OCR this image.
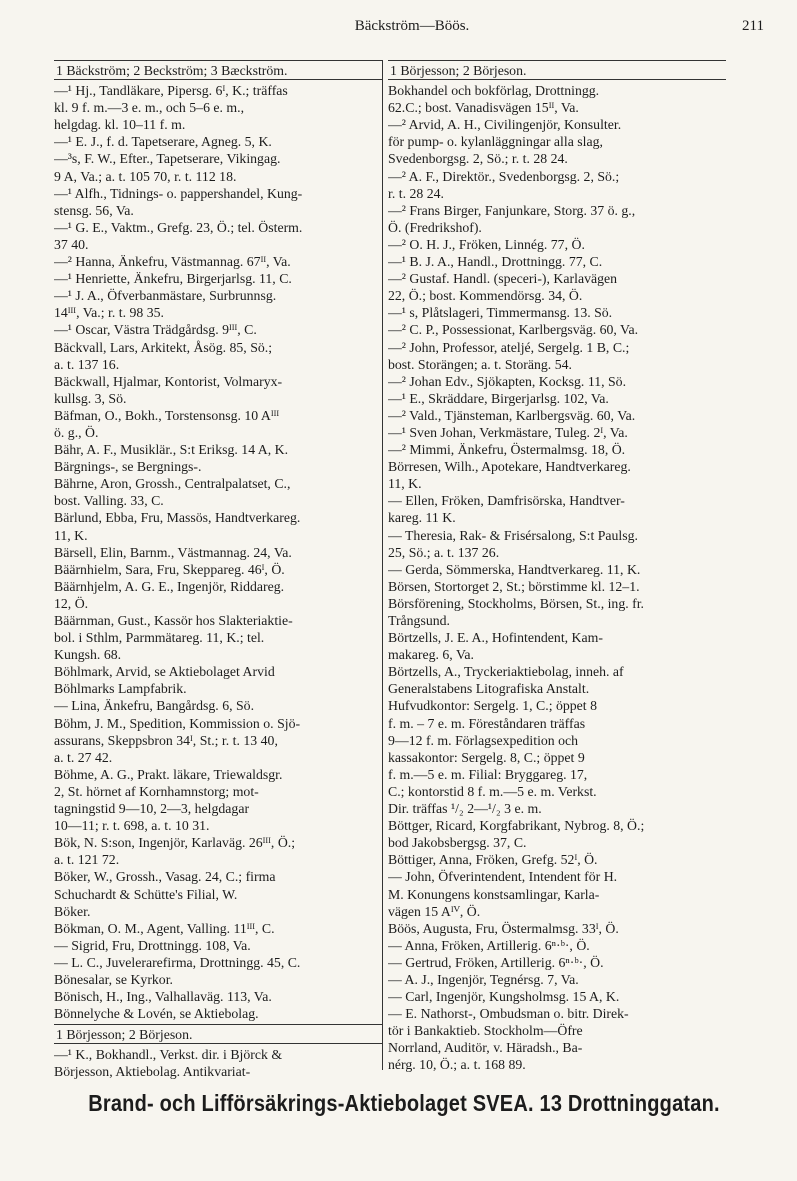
Bäckström—Böös.	211
1 Bäckström; 2 Beckström; 3 Bæckström.
—¹ Hj., Tandläkare, Pipersg. 6ᴵ, K.; träffas
kl. 9 f. m.—3 e. m., och 5–6 e. m.,
helgdag. kl. 10–11 f. m.
—¹ E. J., f. d. Tapetserare, Agneg. 5, K.
—³s, F. W., Efter., Tapetserare, Vikingag.
9 A, Va.; a. t. 105 70, r. t. 112 18.
—¹ Alfh., Tidnings- o. pappershandel, Kung-
stensg. 56, Va.
—¹ G. E., Vaktm., Grefg. 23, Ö.; tel. Österm.
37 40.
—² Hanna, Änkefru, Västmannag. 67ᴵᴵ, Va.
—¹ Henriette, Änkefru, Birgerjarlsg. 11, C.
—¹ J. A., Öfverbanmästare, Surbrunnsg.
14ᴵᴵᴵ, Va.; r. t. 98 35.
—¹ Oscar, Västra Trädgårdsg. 9ᴵᴵᴵ, C.
Bäckvall, Lars, Arkitekt, Åsög. 85, Sö.;
a. t. 137 16.
Bäckwall, Hjalmar, Kontorist, Volmaryx-
kullsg. 3, Sö.
Bäfman, O., Bokh., Torstensonsg. 10 Aᴵᴵᴵ
ö. g., Ö.
Bähr, A. F., Musiklär., S:t Eriksg. 14 A, K.
Bärgnings-, se Bergnings-.
Bährne, Aron, Grossh., Centralpalatset, C.,
bost. Valling. 33, C.
Bärlund, Ebba, Fru, Massös, Handtverkareg.
11, K.
Bärsell, Elin, Barnm., Västmannag. 24, Va.
Bäärnhielm, Sara, Fru, Skeppareg. 46ᴵ, Ö.
Bäärnhjelm, A. G. E., Ingenjör, Riddareg.
12, Ö.
Bäärnman, Gust., Kassör hos Slakteriaktie-
bol. i Sthlm, Parmmätareg. 11, K.; tel.
Kungsh. 68.
Böhlmark, Arvid, se Aktiebolaget Arvid
Böhlmarks Lampfabrik.
— Lina, Änkefru, Bangårdsg. 6, Sö.
Böhm, J. M., Spedition, Kommission o. Sjö-
assurans, Skeppsbron 34ᴵ, St.; r. t. 13 40,
a. t. 27 42.
Böhme, A. G., Prakt. läkare, Triewaldsgr.
2, St. hörnet af Kornhamnstorg; mot-
tagningstid 9—10, 2—3, helgdagar
10—11; r. t. 698, a. t. 10 31.
Bök, N. S:son, Ingenjör, Karlaväg. 26ᴵᴵᴵ, Ö.;
a. t. 121 72.
Böker, W., Grossh., Vasag. 24, C.; firma
Schuchardt & Schütte's Filial, W.
Böker.
Bökman, O. M., Agent, Valling. 11ᴵᴵᴵ, C.
— Sigrid, Fru, Drottningg. 108, Va.
— L. C., Juvelerarefirma, Drottningg. 45, C.
Bönesalar, se Kyrkor.
Bönisch, H., Ing., Valhallaväg. 113, Va.
Bönnelyche & Lovén, se Aktiebolag.
1 Börjesson; 2 Börjeson.
—¹ K., Bokhandl., Verkst. dir. i Björck &
Börjesson, Aktiebolag. Antikvariat-
1 Börjesson; 2 Börjeson.
Bokhandel och bokförlag, Drottningg.
62.C.; bost. Vanadisvägen 15ᴵᴵ, Va.
—² Arvid, A. H., Civilingenjör, Konsulter.
för pump- o. kylanläggningar alla slag,
Svedenborgsg. 2, Sö.; r. t. 28 24.
—² A. F., Direktör., Svedenborgsg. 2, Sö.;
r. t. 28 24.
—² Frans Birger, Fanjunkare, Storg. 37 ö. g.,
Ö. (Fredrikshof).
—² O. H. J., Fröken, Linnég. 77, Ö.
—¹ B. J. A., Handl., Drottningg. 77, C.
—² Gustaf. Handl. (speceri-), Karlavägen
22, Ö.; bost. Kommendörsg. 34, Ö.
—¹ s, Plåtslageri, Timmermansg. 13. Sö.
—² C. P., Possessionat, Karlbergsväg. 60, Va.
—² John, Professor, ateljé, Sergelg. 1 B, C.;
bost. Storängen; a. t. Storäng. 54.
—² Johan Edv., Sjökapten, Kocksg. 11, Sö.
—¹ E., Skräddare, Birgerjarlsg. 102, Va.
—² Vald., Tjänsteman, Karlbergsväg. 60, Va.
—¹ Sven Johan, Verkmästare, Tuleg. 2ᴵ, Va.
—² Mimmi, Änkefru, Östermalmsg. 18, Ö.
Börresen, Wilh., Apotekare, Handtverkareg.
11, K.
— Ellen, Fröken, Damfrisörska, Handtver-
kareg. 11 K.
— Theresia, Rak- & Frisérsalong, S:t Paulsg.
25, Sö.; a. t. 137 26.
— Gerda, Sömmerska, Handtverkareg. 11, K.
Börsen, Stortorget 2, St.; börstimme kl. 12–1.
Börsförening, Stockholms, Börsen, St., ing. fr.
Trångsund.
Börtzells, J. E. A., Hofintendent, Kam-
makareg. 6, Va.
Börtzells, A., Tryckeriaktiebolag, inneh. af
Generalstabens Litografiska Anstalt.
Hufvudkontor: Sergelg. 1, C.; öppet 8
f. m. – 7 e. m. Föreståndaren träffas
9—12 f. m. Förlagsexpedition och
kassakontor: Sergelg. 8, C.; öppet 9
f. m.—5 e. m. Filial: Bryggareg. 17,
C.; kontorstid 8 f. m.—5 e. m. Verkst.
Dir. träffas ¹/₂ 2—¹/₂ 3 e. m.
Böttger, Ricard, Korgfabrikant, Nybrog. 8, Ö.;
bod Jakobsbergsg. 37, C.
Böttiger, Anna, Fröken, Grefg. 52ᴵ, Ö.
— John, Öfverintendent, Intendent för H.
M. Konungens konstsamlingar, Karla-
vägen 15 Aᴵⱽ, Ö.
Böös, Augusta, Fru, Östermalmsg. 33ᴵ, Ö.
— Anna, Fröken, Artillerig. 6ⁿ·ᵇ·, Ö.
— Gertrud, Fröken, Artillerig. 6ⁿ·ᵇ·, Ö.
— A. J., Ingenjör, Tegnérsg. 7, Va.
— Carl, Ingenjör, Kungsholmsg. 15 A, K.
— E. Nathorst-, Ombudsman o. bitr. Direk-
tör i Bankaktieb. Stockholm—Öfre
Norrland, Auditör, v. Häradsh., Ba-
nérg. 10, Ö.; a. t. 168 89.
Brand- och Lifförsäkrings-Aktiebolaget SVEA. 13 Drottninggatan.
